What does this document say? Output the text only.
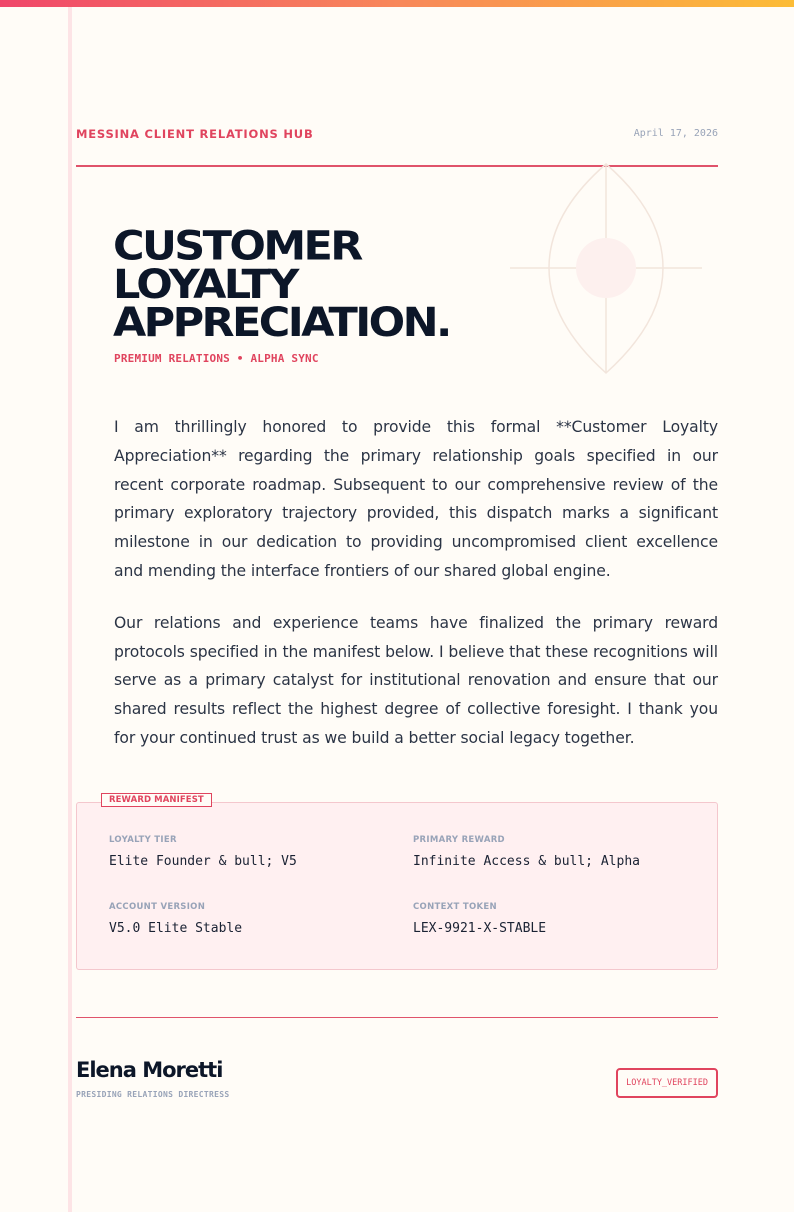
MESSINA CLIENT RELATIONS HUB	April 17, 2026
CUSTOMER
LOYALTY
APPRECIATION.
PREMIUM RELATIONS • ALPHA SYNC

I am thrillingly honored to provide this formal **Customer Loyalty Appreciation** regarding the primary relationship goals specified in our recent corporate roadmap. Subsequent to our comprehensive review of the primary exploratory trajectory provided, this dispatch marks a significant milestone in our dedication to providing uncompromised client excellence and mending the interface frontiers of our shared global engine.

Our relations and experience teams have finalized the primary reward protocols specified in the manifest below. I believe that these recognitions will serve as a primary catalyst for institutional renovation and ensure that our shared results reflect the highest degree of collective foresight. I thank you for your continued trust as we build a better social legacy together.

REWARD MANIFEST
LOYALTY TIER
Elite Founder & bull; V5
PRIMARY REWARD
Infinite Access & bull; Alpha
ACCOUNT VERSION
V5.0 Elite Stable
CONTEXT TOKEN
LEX-9921-X-STABLE
Elena Moretti
PRESIDING RELATIONS DIRECTRESS
LOYALTY_VERIFIED
